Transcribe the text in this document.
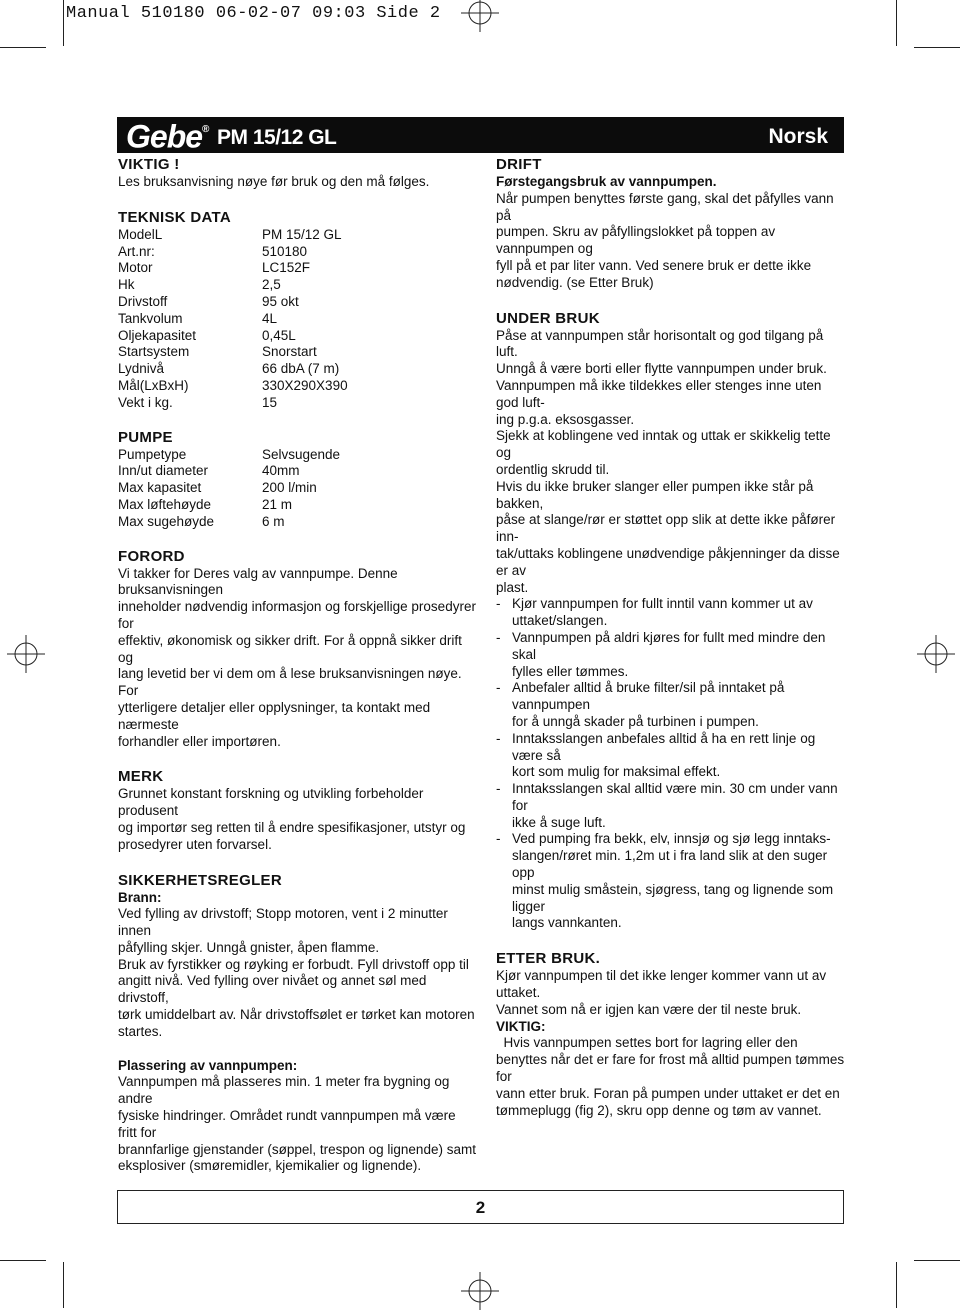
Manual 510180 06-02-07 09:03 Side 2
Gebe® PM 15/12 GL	Norsk

VIKTIG !

Les bruksanvisning nøye før bruk og den må følges.

TEKNISK DATA

ModelL	PM 15/12 GL
Art.nr:	510180
Motor	LC152F
Hk	2,5
Drivstoff	95 okt
Tankvolum	4L
Oljekapasitet	0,45L
Startsystem	Snorstart
Lydnivå	66 dbA (7 m)
Mål(LxBxH)	330X290X390
Vekt i kg.	15

PUMPE

Pumpetype	Selvsugende
Inn/ut diameter	40mm
Max kapasitet	200 l/min
Max løftehøyde	21 m
Max sugehøyde	6 m

FORORD

Vi takker for Deres valg av vannpumpe. Denne bruksanvisningen

inneholder nødvendig informasjon og forskjellige prosedyrer for

effektiv, økonomisk og sikker drift. For å oppnå sikker drift og

lang levetid ber vi dem om å lese bruksanvisningen nøye. For

ytterligere detaljer eller opplysninger, ta kontakt med nærmeste

forhandler eller importøren.

MERK

Grunnet konstant forskning og utvikling forbeholder produsent

og importør seg retten til å endre spesifikasjoner, utstyr og

prosedyrer uten forvarsel.

SIKKERHETSREGLER

Brann:

Ved fylling av drivstoff; Stopp motoren, vent i 2 minutter innen

påfylling skjer. Unngå gnister, åpen flamme.

Bruk av fyrstikker og røyking er forbudt. Fyll drivstoff opp til

angitt nivå. Ved fylling over nivået og annet søl med drivstoff,

tørk umiddelbart av. Når drivstoffsølet er tørket kan motoren

startes.

Plassering av vannpumpen:

Vannpumpen må plasseres min. 1 meter fra bygning og andre

fysiske hindringer. Området rundt vannpumpen må være fritt for

brannfarlige gjenstander (søppel, trespon og lignende) samt

eksplosiver (smøremidler, kjemikalier og lignende).

DRIFT

Førstegangsbruk av vannpumpen.

Når pumpen benyttes første gang, skal det påfylles vann på

pumpen. Skru av påfyllingslokket på toppen av vannpumpen og

fyll på et par liter vann. Ved senere bruk er dette ikke

nødvendig. (se Etter Bruk)

UNDER BRUK

Påse at vannpumpen står horisontalt og god tilgang på luft.

Unngå å være borti eller flytte vannpumpen under bruk.

Vannpumpen må ikke tildekkes eller stenges inne uten god luft-

ing p.g.a. eksosgasser.

Sjekk at koblingene ved inntak og uttak er skikkelig tette og

ordentlig skrudd til.

Hvis du ikke bruker slanger eller pumpen ikke står på bakken,

påse at slange/rør er støttet opp slik at dette ikke påfører inn-

tak/uttaks koblingene unødvendige påkjenninger da disse er av

plast.

- Kjør vannpumpen for fullt inntil vann kommer ut av

uttaket/slangen.

- Vannpumpen på aldri kjøres for fullt med mindre den skal

fylles eller tømmes.

- Anbefaler alltid å bruke filter/sil på inntaket på vannpumpen

for å unngå skader på turbinen i pumpen.

- Inntaksslangen anbefales alltid å ha en rett linje og være så

kort som mulig for maksimal effekt.

- Inntaksslangen skal alltid være min. 30 cm under vann for

ikke å suge luft.

- Ved pumping fra bekk, elv, innsjø og sjø legg inntaks-

slangen/røret min. 1,2m ut i fra land slik at den suger opp

minst mulig småstein, sjøgress, tang og lignende som ligger

langs vannkanten.

ETTER BRUK.

Kjør vannpumpen til det ikke lenger kommer vann ut av uttaket.

Vannet som nå er igjen kan være der til neste bruk.

VIKTIG:  Hvis vannpumpen settes bort for lagring eller den

benyttes når det er fare for frost må alltid pumpen tømmes for

vann etter bruk. Foran på pumpen under uttaket er det en

tømmeplugg (fig 2), skru opp denne og tøm av vannet.

2
